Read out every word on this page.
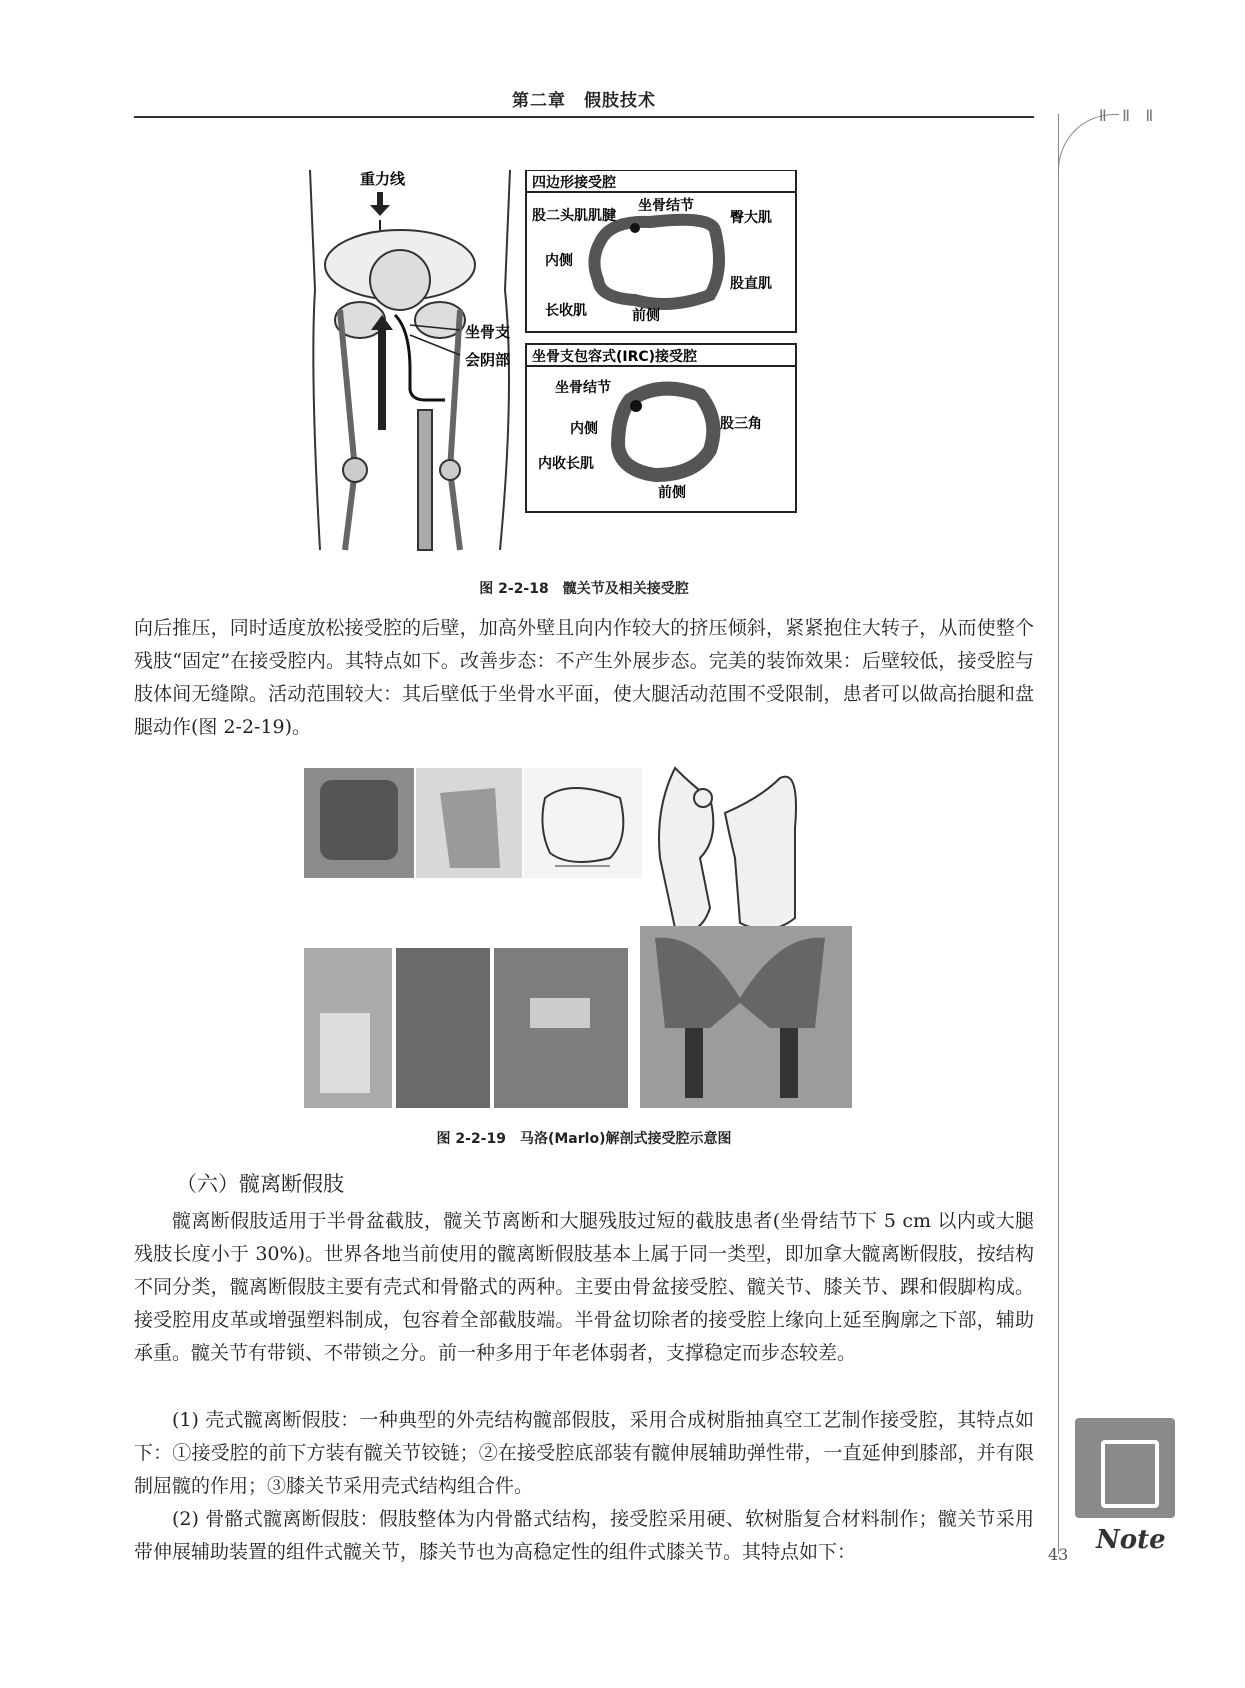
第二章　假肢技术
ǁ ǁ ǁ
重力线
坐骨支
会阴部
四边形接受腔
股二头肌肌腱
坐骨结节
臀大肌
内侧
股直肌
长收肌	前侧
坐骨支包容式(IRC)接受腔
坐骨结节
内侧	股三角
内收长肌
前侧
图 2-2-18　髋关节及相关接受腔
向后推压，同时适度放松接受腔的后壁，加高外壁且向内作较大的挤压倾斜，紧紧抱住大转子，从而使整个残肢“固定”在接受腔内。其特点如下。改善步态：不产生外展步态。完美的装饰效果：后壁较低，接受腔与肢体间无缝隙。活动范围较大：其后壁低于坐骨水平面，使大腿活动范围不受限制，患者可以做高抬腿和盘腿动作(图 2-2-19)。
图 2-2-19　马洛(Marlo)解剖式接受腔示意图
（六）髋离断假肢
髋离断假肢适用于半骨盆截肢，髋关节离断和大腿残肢过短的截肢患者(坐骨结节下 5 cm 以内或大腿残肢长度小于 30%)。世界各地当前使用的髋离断假肢基本上属于同一类型，即加拿大髋离断假肢，按结构不同分类，髋离断假肢主要有壳式和骨骼式的两种。主要由骨盆接受腔、髋关节、膝关节、踝和假脚构成。接受腔用皮革或增强塑料制成，包容着全部截肢端。半骨盆切除者的接受腔上缘向上延至胸廓之下部，辅助承重。髋关节有带锁、不带锁之分。前一种多用于年老体弱者，支撑稳定而步态较差。
(1) 壳式髋离断假肢：一种典型的外壳结构髋部假肢，采用合成树脂抽真空工艺制作接受腔，其特点如下：①接受腔的前下方装有髋关节铰链；②在接受腔底部装有髋伸展辅助弹性带，一直延伸到膝部，并有限制屈髋的作用；③膝关节采用壳式结构组合件。
(2) 骨骼式髋离断假肢：假肢整体为内骨骼式结构，接受腔采用硬、软树脂复合材料制作；髋关节采用带伸展辅助装置的组件式髋关节，膝关节也为高稳定性的组件式膝关节。其特点如下：	Note
43
